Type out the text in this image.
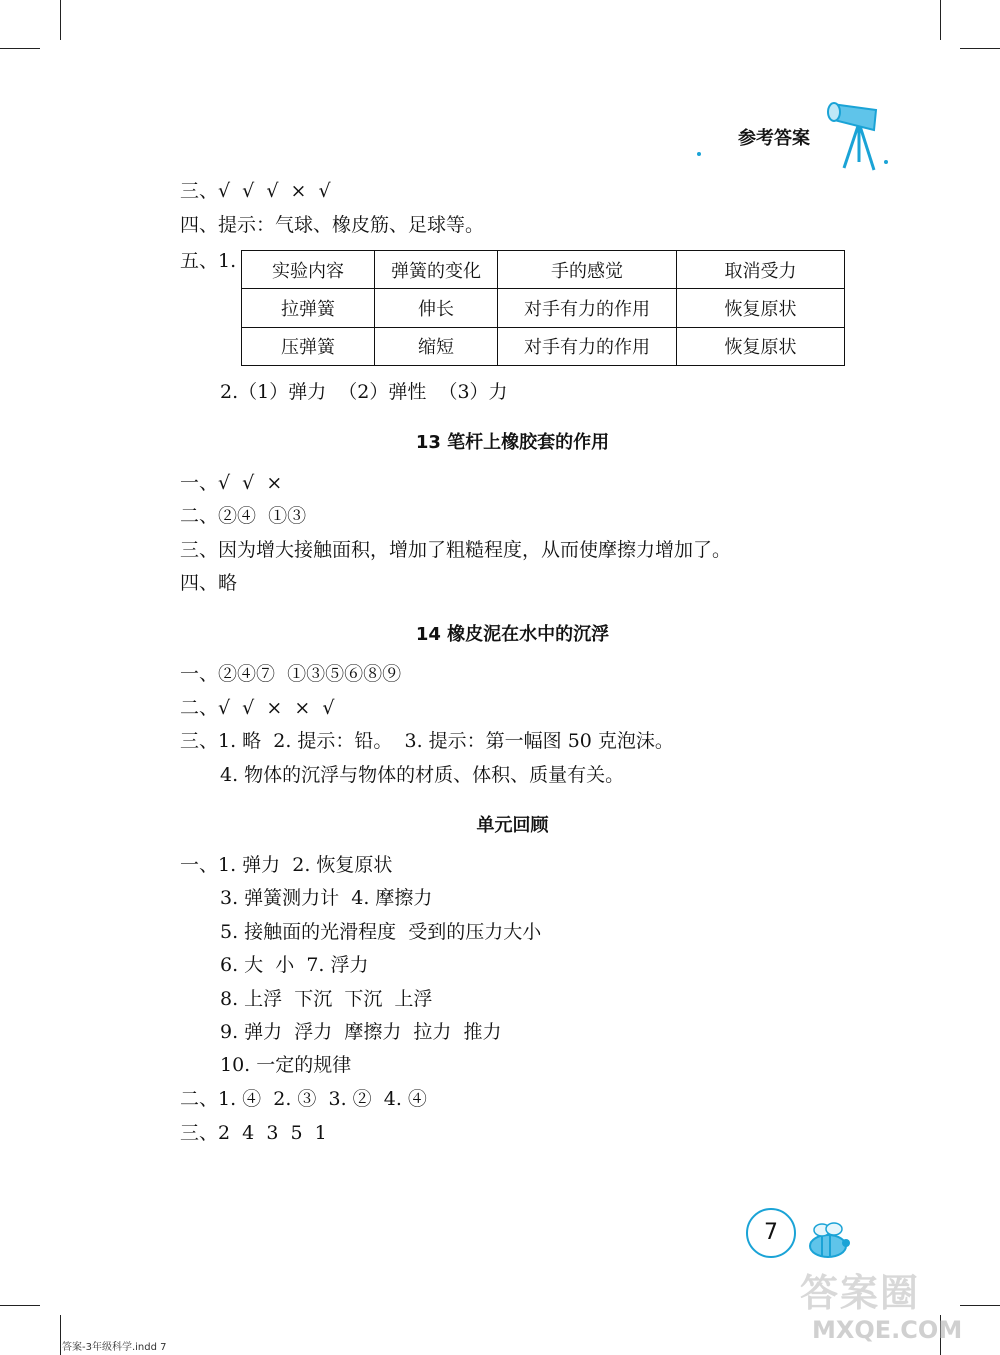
参考答案
三、√  √  √  ×  √
四、提示：气球、橡皮筋、足球等。
五、1. 实验内容	弹簧的变化	手的感觉	取消受力
拉弹簧	伸长	对手有力的作用	恢复原状
压弹簧	缩短	对手有力的作用	恢复原状
2.（1）弹力  （2）弹性  （3）力
13 笔杆上橡胶套的作用
一、√  √  ×
二、②④  ①③
三、因为增大接触面积，增加了粗糙程度，从而使摩擦力增加了。
四、略
14 橡皮泥在水中的沉浮
一、②④⑦  ①③⑤⑥⑧⑨
二、√  √  ×  ×  √
三、1. 略  2. 提示：铅。  3. 提示：第一幅图 50 克泡沫。
4. 物体的沉浮与物体的材质、体积、质量有关。
单元回顾
一、1. 弹力  2. 恢复原状
3. 弹簧测力计  4. 摩擦力
5. 接触面的光滑程度  受到的压力大小
6. 大  小  7. 浮力
8. 上浮  下沉  下沉  上浮
9. 弹力  浮力  摩擦力  拉力  推力
10. 一定的规律
二、1. ④  2. ③  3. ②  4. ④
三、2  4  3  5  1
7
答案圈
MXQE.COM
答案-3年级科学.indd 7
